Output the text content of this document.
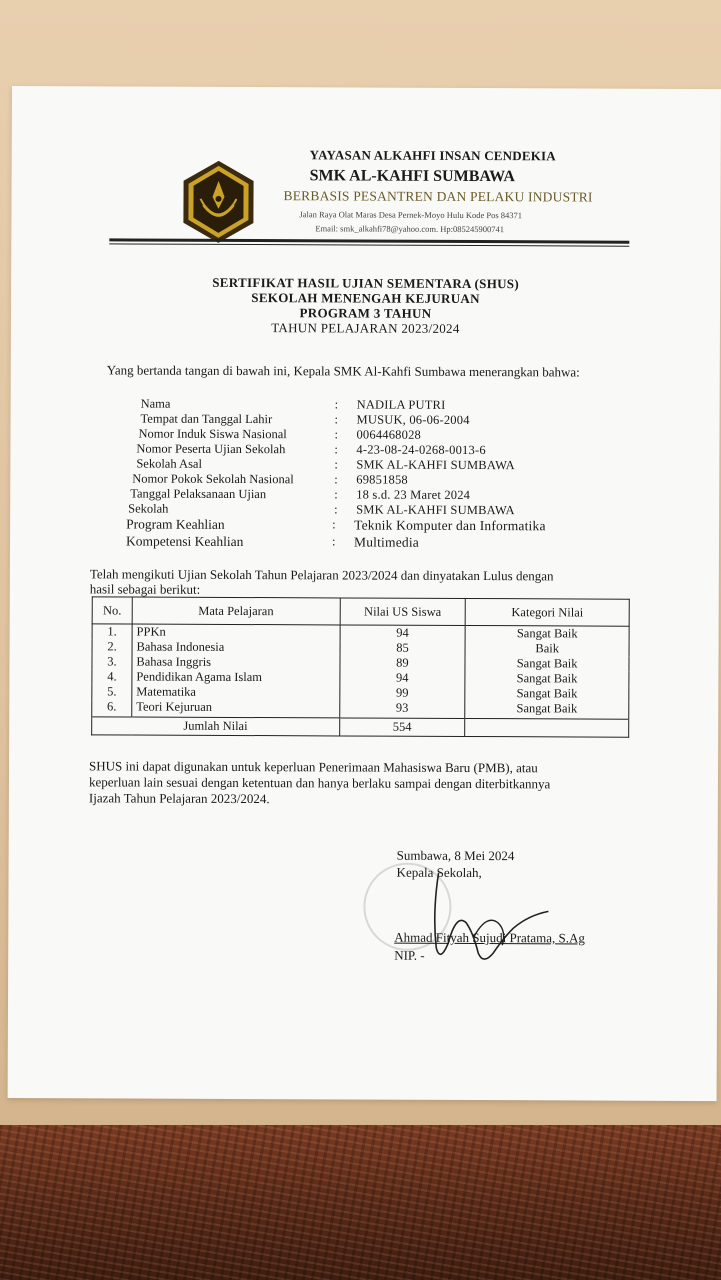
YAYASAN ALKAHFI INSAN CENDEKIA
SMK AL-KAHFI SUMBAWA
BERBASIS PESANTREN DAN PELAKU INDUSTRI
Jalan Raya Olat Maras Desa Pernek-Moyo Hulu Kode Pos 84371
Email: smk_alkahfi78@yahoo.com. Hp:085245900741
SERTIFIKAT HASIL UJIAN SEMENTARA (SHUS)
SEKOLAH MENENGAH KEJURUAN
PROGRAM 3 TAHUN
TAHUN PELAJARAN 2023/2024
Yang bertanda tangan di bawah ini, Kepala SMK Al-Kahfi Sumbawa menerangkan bahwa:
Nama	: NADILA PUTRI
Tempat dan Tanggal Lahir	: MUSUK, 06-06-2004
Nomor Induk Siswa Nasional	: 0064468028
Nomor Peserta Ujian Sekolah	: 4-23-08-24-0268-0013-6
Sekolah Asal	: SMK AL-KAHFI SUMBAWA
Nomor Pokok Sekolah Nasional	: 69851858
Tanggal Pelaksanaan Ujian	: 18 s.d. 23 Maret 2024
Sekolah	: SMK AL-KAHFI SUMBAWA
Program Keahlian	: Teknik Komputer dan Informatika
Kompetensi Keahlian	: Multimedia
Telah mengikuti Ujian Sekolah Tahun Pelajaran 2023/2024 dan dinyatakan Lulus dengan
hasil sebagai berikut:
No.	Mata Pelajaran	Nilai US Siswa	Kategori Nilai
1.	PPKn	94	Sangat Baik
2.	Bahasa Indonesia	85	Baik
3.	Bahasa Inggris	89	Sangat Baik
4.	Pendidikan Agama Islam	94	Sangat Baik
5.	Matematika	99	Sangat Baik
6.	Teori Kejuruan	93	Sangat Baik
Jumlah Nilai		554	
SHUS ini dapat digunakan untuk keperluan Penerimaan Mahasiswa Baru (PMB), atau
keperluan lain sesuai dengan ketentuan dan hanya berlaku sampai dengan diterbitkannya
Ijazah Tahun Pelajaran 2023/2024.
Sumbawa, 8 Mei 2024
Kepala Sekolah,
Ahmad Fityah Sujudi Pratama, S.Ag
NIP. -
